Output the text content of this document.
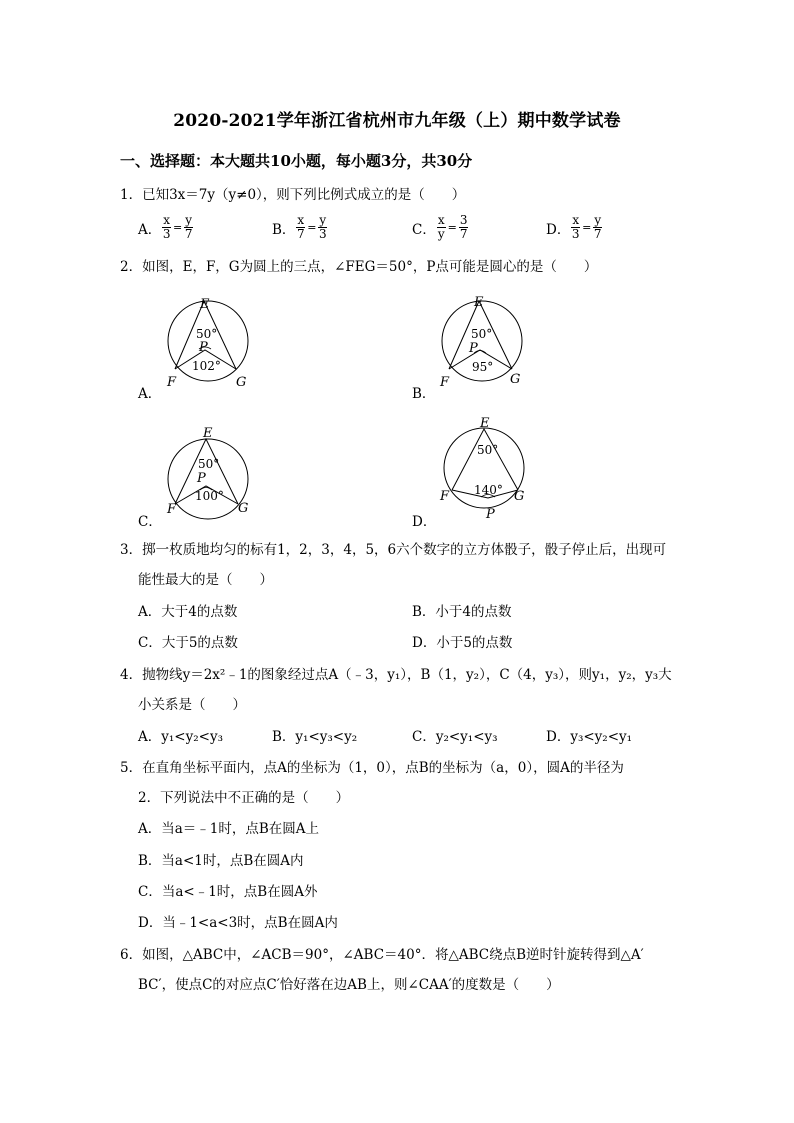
2020-2021学年浙江省杭州市九年级（上）期中数学试卷
一、选择题：本大题共10小题，每小题3分，共30分
1．已知3x＝7y（y≠0），则下列比例式成立的是（　　）
A． $\frac{x}{3} = \frac{y}{7}$	B． $\frac{x}{7} = \frac{y}{3}$	C． $\frac{x}{y} = \frac{3}{7}$	D． $\frac{x}{3} = \frac{y}{7}$
2．如图，E，F，G为圆上的三点，∠FEG＝50°，P点可能是圆心的是（　　）
A．
E
50°
P
102°
F	G
B．
E
50°
P
95°
F	G
C．
E
50°
P
100°
F	G
D．
E
50°
140°
F	G
P
3．掷一枚质地均匀的标有1，2，3，4，5，6六个数字的立方体骰子，骰子停止后，出现可
能性最大的是（　　）
A．大于4的点数	B．小于4的点数
C．大于5的点数	D．小于5的点数
4．抛物线y＝2x²﹣1的图象经过点A（﹣3，y₁），B（1，y₂），C（4，y₃），则y₁，y₂，y₃大
小关系是（　　）
A．y₁<y₂<y₃	B．y₁<y₃<y₂	C．y₂<y₁<y₃	D．y₃<y₂<y₁
5．在直角坐标平面内，点A的坐标为（1，0），点B的坐标为（a，0），圆A的半径为
2．下列说法中不正确的是（　　）
A．当a＝﹣1时，点B在圆A上
B．当a<1时，点B在圆A内
C．当a<﹣1时，点B在圆A外
D．当﹣1<a<3时，点B在圆A内
6．如图，△ABC中，∠ACB＝90°，∠ABC＝40°．将△ABC绕点B逆时针旋转得到△A′
BC′，使点C的对应点C′恰好落在边AB上，则∠CAA′的度数是（　　）
